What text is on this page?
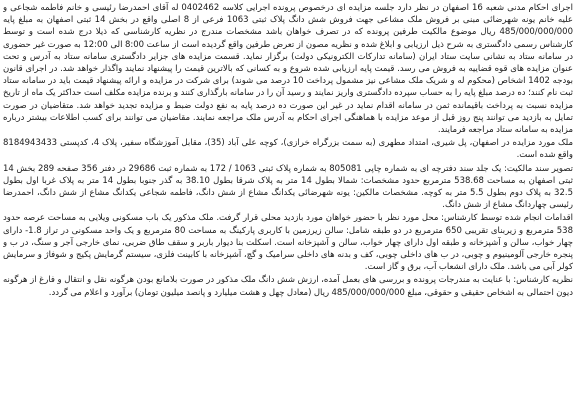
اجرای احکام مدنی شعبه 16 اصفهان در نظر دارد جلسه مزایده ای درخصوص پرونده اجرایی کلاسه 0402462 له آقای احمدرضا رئیسی و خانم فاطمه شجاعی و علیه خانم یونه شهرضائی مبنی بر فروش ملک مشاعی جهت فروش شش دانگ پلاک ثبتی 1063 فرعی از 8 اصلی واقع در بخش 14 ثبتی اصفهان به مبلغ پایه 485/000/000/000 ریال موضوع مالکیت طرفین پرونده که در تصرف خواهان باشد مشخصات مندرج در نظریه کارشناسی که ذیلا درج شده است و توسط کارشناس رسمی دادگستری به شرح ذیل ارزیابی و ابلاغ شده و نظریه مصون از تعرض طرفین واقع گردیده است از ساعت 8:00 الی 12:00 به صورت غیر حضوری در سامانه ستاد به نشانی سایت ستاد ایران (سامانه تدارکات الکترونیکی دولت) برگزار نماید. قسمت مزایده های جزایر دادگستری سامانه ستاد به آدرس و تحت عنوان مزایده های قوه قضاییه به فروش می رسد. قیمت پایه ارزیابی شده شروع و به کسانی که بالاترین قیمت را پیشنهاد نمایند واگذار خواهد شد. در اجرای قانون بودجه 1402 اشخاص (محکوم له و شریک ملک مشاعی نیز مشمول پرداخت 10 درصد می شوند) برای شرکت در مزایده و ارائه پیشنهاد قیمت باید در سامانه ستاد ثبت نام کنند؛ ده درصد مبلغ پایه را به حساب سپرده دادگستری واریز نمایند و رسید آن را در سامانه بارگذاری کنند و برنده مزایده مکلف است حداکثر یک ماه از تاریخ مزایده نسبت به پرداخت باقیمانده ثمن در سامانه اقدام نماید در غیر این صورت ده درصد پایه به نفع دولت ضبط و مزایده تجدید خواهد شد. متقاضیان در صورت تمایل به بازدید می توانند پنج روز قبل از موعد مزایده با هماهنگی اجرای احکام به آدرس ملک مراجعه نمایند. مقاضیان می توانند برای کسب اطلاعات بیشتر درباره مزایده به سامانه ستاد مراجعه فرمایند.

ملک مورد مزایده در اصفهان، پل شیری، امتداد مطهری (به سمت بزرگراه خرازی)، کوچه علی آباد (35)، مقابل آموزشگاه سفیر، پلاک 4، کدپستی 8184943433 واقع شده است.

تصویر سند مالکیت: یک جلد سند دفترچه ای به شماره چاپی 805081 به شماره پلاک ثبتی 1063 / 172 به شماره ثبت 29686 در دفتر 356 صفحه 289 بخش 14 ثبتی اصفهان به مساحت 538.68 مترمربع حدود مشخصات: شمالا بطول 14 متر به پلاک شرقا بطول 38.10 به گذر جنوبا بطول 14 متر به پلاک غربا اول بطول 32.5 به پلاک دوم بطول 5.5 متر به کوچه. مشخصات مالکین: یونه شهرضائی یکدانگ مشاع از شش دانگ، فاطمه شجاعی یکدانگ مشاع از شش دانگ، احمدرضا رئیسی چهاردانگ مشاع از شش دانگ.

اقدامات انجام شده توسط کارشناس: محل مورد نظر با حضور خواهان مورد بازدید محلی قرار گرفت. ملک مذکور یک باب مسکونی ویلایی به مساحت عرصه حدود 538 مترمربع و زیربنای تقریبی 650 مترمربع در دو طبقه شامل: سالن زیرزمین با کاربری پارکینگ به مساحت 80 مترمربع و یک واحد مسکونی در تراز 1.8- دارای چهار خواب، سالن و آشپزخانه و طبقه اول دارای چهار خواب، سالن و آشپزخانه است. اسکلت بنا دیوار باربر و سقف طاق ضربی، نمای خارجی آجر و سنگ، در ب و پنجره خارجی آلومینیوم و چوبی، در ب های داخلی چوبی، کف و بدنه های داخلی سرامیک و گچ، آشپزخانه با کابینت فلزی، سیستم گرمایش پکیج و شوفاژ و سرمایش کولر آبی می باشد. ملک دارای انشعاب آب، برق و گاز است.

نظریه کارشناس: با عنایت به مندرجات پرونده و بررسی های بعمل آمده، ارزش شش دانگ ملک مذکور در صورت بلامانع بودن هرگونه نقل و انتقال و فارغ از هرگونه دیون احتمالی به اشخاص حقیقی و حقوقی، مبلغ 485/000/000/000 ریال (معادل چهل و هشت میلیارد و پانصد میلیون تومان) برآورد و اعلام می گردد.
